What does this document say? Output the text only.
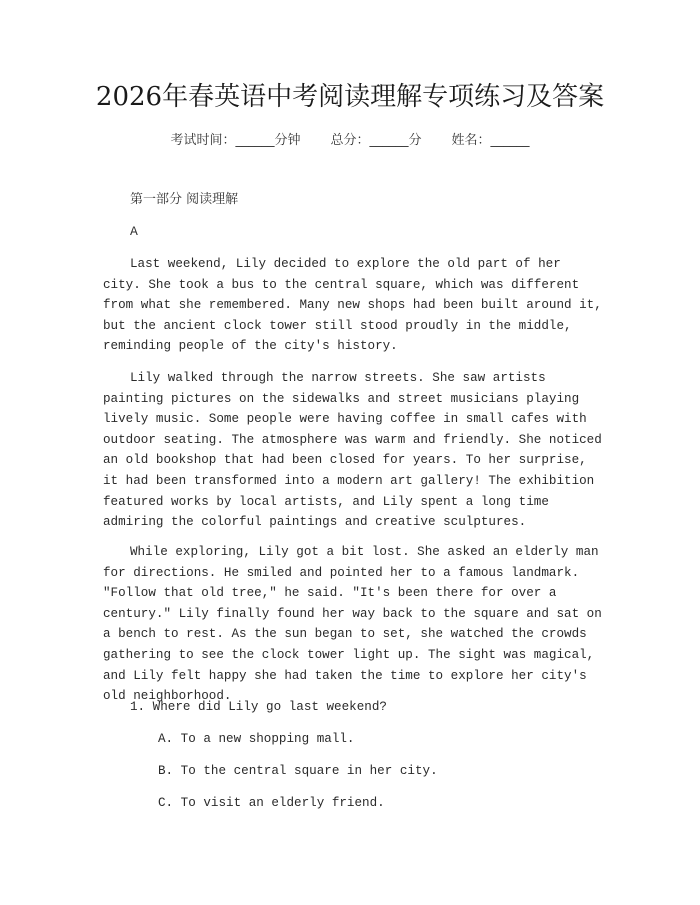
2026年春英语中考阅读理解专项练习及答案
考试时间：______分钟 总分：______分 姓名：______
第一部分 阅读理解
A

Last weekend, Lily decided to explore the old part of her city. She took a bus to the central square, which was different from what she remembered. Many new shops had been built around it, but the ancient clock tower still stood proudly in the middle, reminding people of the city's history.

Lily walked through the narrow streets. She saw artists painting pictures on the sidewalks and street musicians playing lively music. Some people were having coffee in small cafes with outdoor seating. The atmosphere was warm and friendly. She noticed an old bookshop that had been closed for years. To her surprise, it had been transformed into a modern art gallery! The exhibition featured works by local artists, and Lily spent a long time admiring the colorful paintings and creative sculptures.

While exploring, Lily got a bit lost. She asked an elderly man for directions. He smiled and pointed her to a famous landmark. "Follow that old tree," he said. "It's been there for over a century." Lily finally found her way back to the square and sat on a bench to rest. As the sun began to set, she watched the crowds gathering to see the clock tower light up. The sight was magical, and Lily felt happy she had taken the time to explore her city's old neighborhood.

1. Where did Lily go last weekend?
A. To a new shopping mall.
B. To the central square in her city.
C. To visit an elderly friend.
